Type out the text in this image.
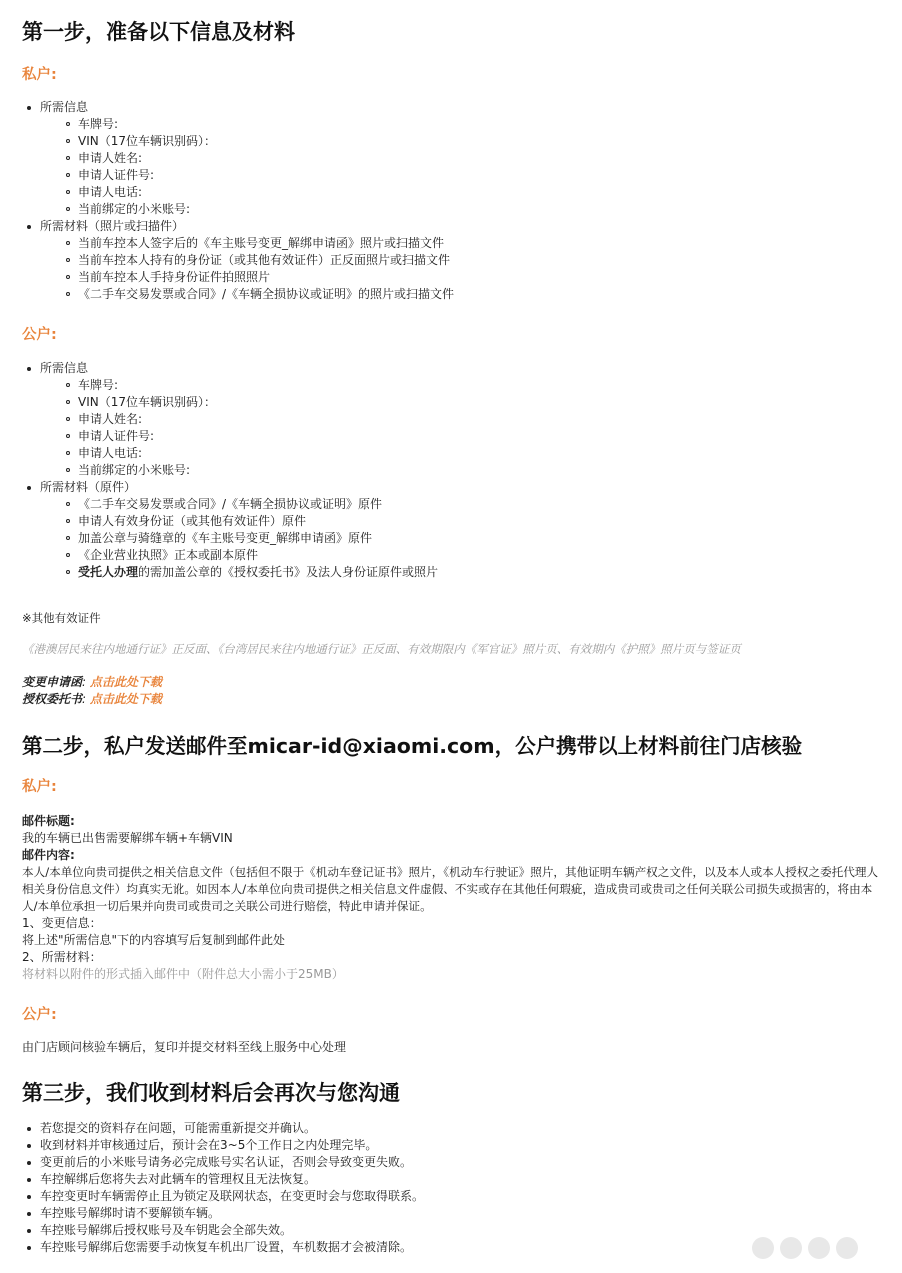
第一步，准备以下信息及材料
私户:
所需信息
车牌号:
VIN（17位车辆识别码）：
申请人姓名:
申请人证件号:
申请人电话:
当前绑定的小米账号:
所需材料（照片或扫描件）
当前车控本人签字后的《车主账号变更_解绑申请函》照片或扫描文件
当前车控本人持有的身份证（或其他有效证件）正反面照片或扫描文件
当前车控本人手持身份证件拍照照片
《二手车交易发票或合同》/《车辆全损协议或证明》的照片或扫描文件
公户:
所需信息
车牌号:
VIN（17位车辆识别码）：
申请人姓名:
申请人证件号:
申请人电话:
当前绑定的小米账号:
所需材料（原件）
《二手车交易发票或合同》/《车辆全损协议或证明》原件
申请人有效身份证（或其他有效证件）原件
加盖公章与骑缝章的《车主账号变更_解绑申请函》原件
《企业营业执照》正本或副本原件
受托人办理的需加盖公章的《授权委托书》及法人身份证原件或照片
※其他有效证件
《港澳居民来往内地通行证》正反面、《台湾居民来往内地通行证》正反面、有效期限内《军官证》照片页、有效期内《护照》照片页与签证页
变更申请函: 点击此处下载
授权委托书: 点击此处下载
第二步，私户发送邮件至micar-id@xiaomi.com，公户携带以上材料前往门店核验
私户:
邮件标题:
我的车辆已出售需要解绑车辆+车辆VIN
邮件内容:
本人/本单位向贵司提供之相关信息文件（包括但不限于《机动车登记证书》照片，《机动车行驶证》照片，其他证明车辆产权之文件，以及本人或本人授权之委托代理人相关身份信息文件）均真实无讹。如因本人/本单位向贵司提供之相关信息文件虚假、不实或存在其他任何瑕疵，造成贵司或贵司之任何关联公司损失或损害的，将由本人/本单位承担一切后果并向贵司或贵司之关联公司进行赔偿，特此申请并保证。
1、变更信息：
将上述"所需信息"下的内容填写后复制到邮件此处
2、所需材料：
将材料以附件的形式插入邮件中（附件总大小需小于25MB）
公户:
由门店顾问核验车辆后，复印并提交材料至线上服务中心处理
第三步，我们收到材料后会再次与您沟通
若您提交的资料存在问题，可能需重新提交并确认。
收到材料并审核通过后，预计会在3~5个工作日之内处理完毕。
变更前后的小米账号请务必完成账号实名认证，否则会导致变更失败。
车控解绑后您将失去对此辆车的管理权且无法恢复。
车控变更时车辆需停止且为锁定及联网状态，在变更时会与您取得联系。
车控账号解绑时请不要解锁车辆。
车控账号解绑后授权账号及车钥匙会全部失效。
车控账号解绑后您需要手动恢复车机出厂设置，车机数据才会被清除。
